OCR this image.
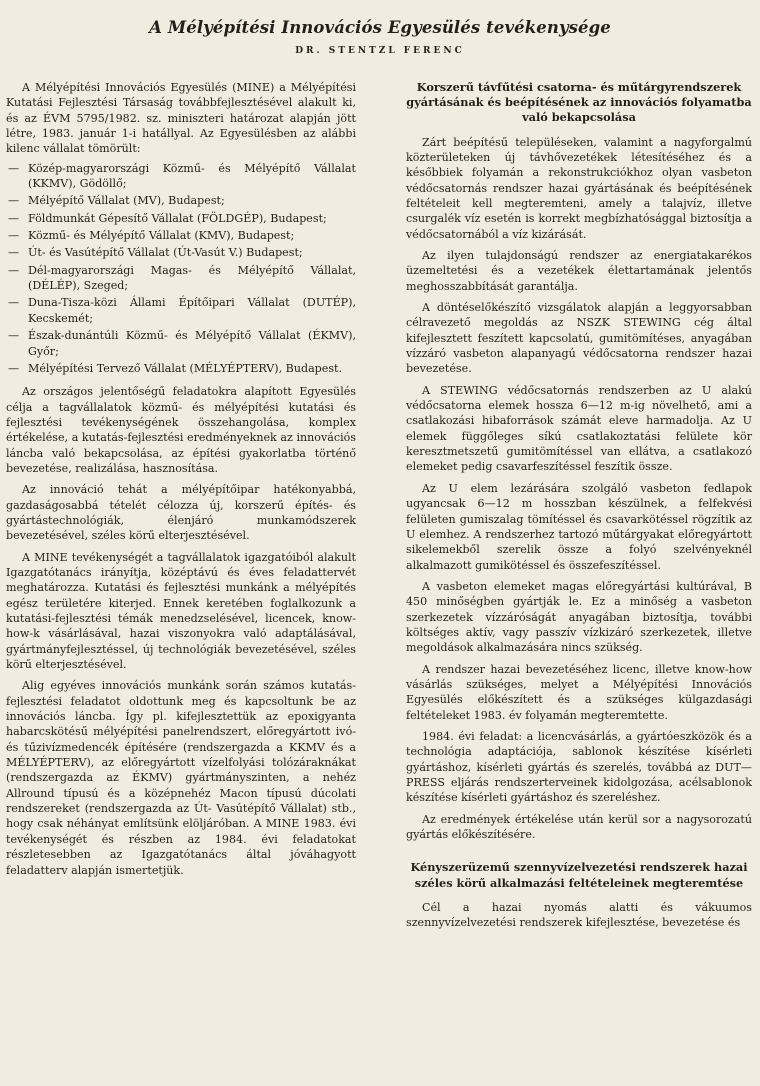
A Mélyépítési Innovációs Egyesülés tevékenysége
DR. STENTZL FERENC

A Mélyépítési Innovációs Egyesülés (MINE) a Mélyépítési Kutatási Fejlesztési Társaság továbbfejlesztésével alakult ki, és az ÉVM 5795/1982. sz. miniszteri határozat alapján jött létre, 1983. január 1-i hatállyal. Az Egyesülésben az alábbi kilenc vállalat tömörült:

— Közép-magyarországi Közmű- és Mélyépítő Vállalat (KKMV), Gödöllő;
— Mélyépítő Vállalat (MV), Budapest;
— Földmunkát Gépesítő Vállalat (FÖLDGÉP), Budapest;
— Közmű- és Mélyépítő Vállalat (KMV), Budapest;
— Út- és Vasútépítő Vállalat (Út-Vasút V.) Budapest;
— Dél-magyarországi Magas- és Mélyépítő Vállalat, (DÉLÉP), Szeged;
— Duna-Tisza-közi Állami Építőipari Vállalat (DUTÉP), Kecskemét;
— Észak-dunántúli Közmű- és Mélyépítő Vállalat (ÉKMV), Győr;
— Mélyépítési Tervező Vállalat (MÉLYÉPTERV), Budapest.

Az országos jelentőségű feladatokra alapított Egyesülés célja a tagvállalatok közmű- és mélyépítési kutatási és fejlesztési tevékenységének összehangolása, komplex értékelése, a kutatás-fejlesztési eredményeknek az innovációs láncba való bekapcsolása, az építési gyakorlatba történő bevezetése, realizálása, hasznosítása.

Az innováció tehát a mélyépítőipar hatékonyabbá, gazdaságosabbá tételét célozza új, korszerű építés- és gyártástechnológiák, élenjáró munkamódszerek bevezetésével, széles körű elterjesztésével.

A MINE tevékenységét a tagvállalatok igazgatóiból alakult Igazgatótanács irányítja, középtávú és éves feladattervét meghatározza. Kutatási és fejlesztési munkánk a mélyépítés egész területére kiterjed. Ennek keretében foglalkozunk a kutatási-fejlesztési témák menedzselésével, licencek, know-how-k vásárlásával, hazai viszonyokra való adaptálásával, gyártmányfejlesztéssel, új technológiák bevezetésével, széles körű elterjesztésével.

Alig egyéves innovációs munkánk során számos kutatás-fejlesztési feladatot oldottunk meg és kapcsoltunk be az innovációs láncba. Így pl. kifejlesztettük az epoxigyanta habarcskötésű mélyépítési panelrendszert, előregyártott ivó- és tűzivízmedencék építésére (rendszergazda a KKMV és a MÉLYÉPTERV), az előregyártott vízelfolyási tolózáraknákat (rendszergazda az ÉKMV) gyártmányszinten, a nehéz Allround típusú és a középnehéz Macon típusú dúcolati rendszereket (rendszergazda az Út- Vasútépítő Vállalat) stb., hogy csak néhányat említsünk elöljáróban. A MINE 1983. évi tevékenységét és részben az 1984. évi feladatokat részletesebben az Igazgatótanács által jóváhagyott feladatterv alapján ismertetjük.

Korszerű távfűtési csatorna- és műtárgyrendszerek gyártásának és beépítésének az innovációs folyamatba való bekapcsolása

Zárt beépítésű településeken, valamint a nagyforgalmú közterületeken új távhővezetékek létesítéséhez és a későbbiek folyamán a rekonstrukciókhoz olyan vasbeton védőcsatornás rendszer hazai gyártásának és beépítésének feltételeit kell megteremteni, amely a talajvíz, illetve csurgalék víz esetén is korrekt megbízhatósággal biztosítja a védőcsatornából a víz kizárását.

Az ilyen tulajdonságú rendszer az energiatakarékos üzemeltetési és a vezetékek élettartamának jelentős meghosszabbítását garantálja.

A döntéselőkészítő vizsgálatok alapján a leggyorsabban célravezető megoldás az NSZK STEWING cég által kifejlesztett feszített kapcsolatú, gumitömítéses, anyagában vízzáró vasbeton alapanyagú védőcsatorna rendszer hazai bevezetése.

A STEWING védőcsatornás rendszerben az U alakú védőcsatorna elemek hossza 6—12 m-ig növelhető, ami a csatlakozási hibaforrások számát eleve harmadolja. Az U elemek függőleges síkú csatlakoztatási felülete kör keresztmetszetű gumitömítéssel van ellátva, a csatlakozó elemeket pedig csavarfeszítéssel feszítik össze.

Az U elem lezárására szolgáló vasbeton fedlapok ugyancsak 6—12 m hosszban készülnek, a felfekvési felületen gumiszalag tömítéssel és csavarkötéssel rögzítik az U elemhez. A rendszerhez tartozó műtárgyakat előregyártott sikelemekből szerelik össze a folyó szelvényeknél alkalmazott gumikötéssel és összefeszítéssel.

A vasbeton elemeket magas előregyártási kultúrával, B 450 minőségben gyártják le. Ez a minőség a vasbeton szerkezetek vízzáróságát anyagában biztosítja, további költséges aktív, vagy passzív vízkizáró szerkezetek, illetve megoldások alkalmazására nincs szükség.

A rendszer hazai bevezetéséhez licenc, illetve know-how vásárlás szükséges, melyet a Mélyépítési Innovációs Egyesülés előkészített és a szükséges külgazdasági feltételeket 1983. év folyamán megteremtette.

1984. évi feladat: a licencvásárlás, a gyártóeszközök és a technológia adaptációja, sablonok készítése kísérleti gyártáshoz, kísérleti gyártás és szerelés, továbbá az DUT—PRESS eljárás rendszerterveinek kidolgozása, acélsablonok készítése kísérleti gyártáshoz és szereléshez.

Az eredmények értékelése után kerül sor a nagysorozatú gyártás előkészítésére.

Kényszerüzemű szennyvízelvezetési rendszerek hazai széles körű alkalmazási feltételeinek megteremtése

Cél a hazai nyomás alatti és vákuumos szennyvízelvezetési rendszerek kifejlesztése, bevezetése és
